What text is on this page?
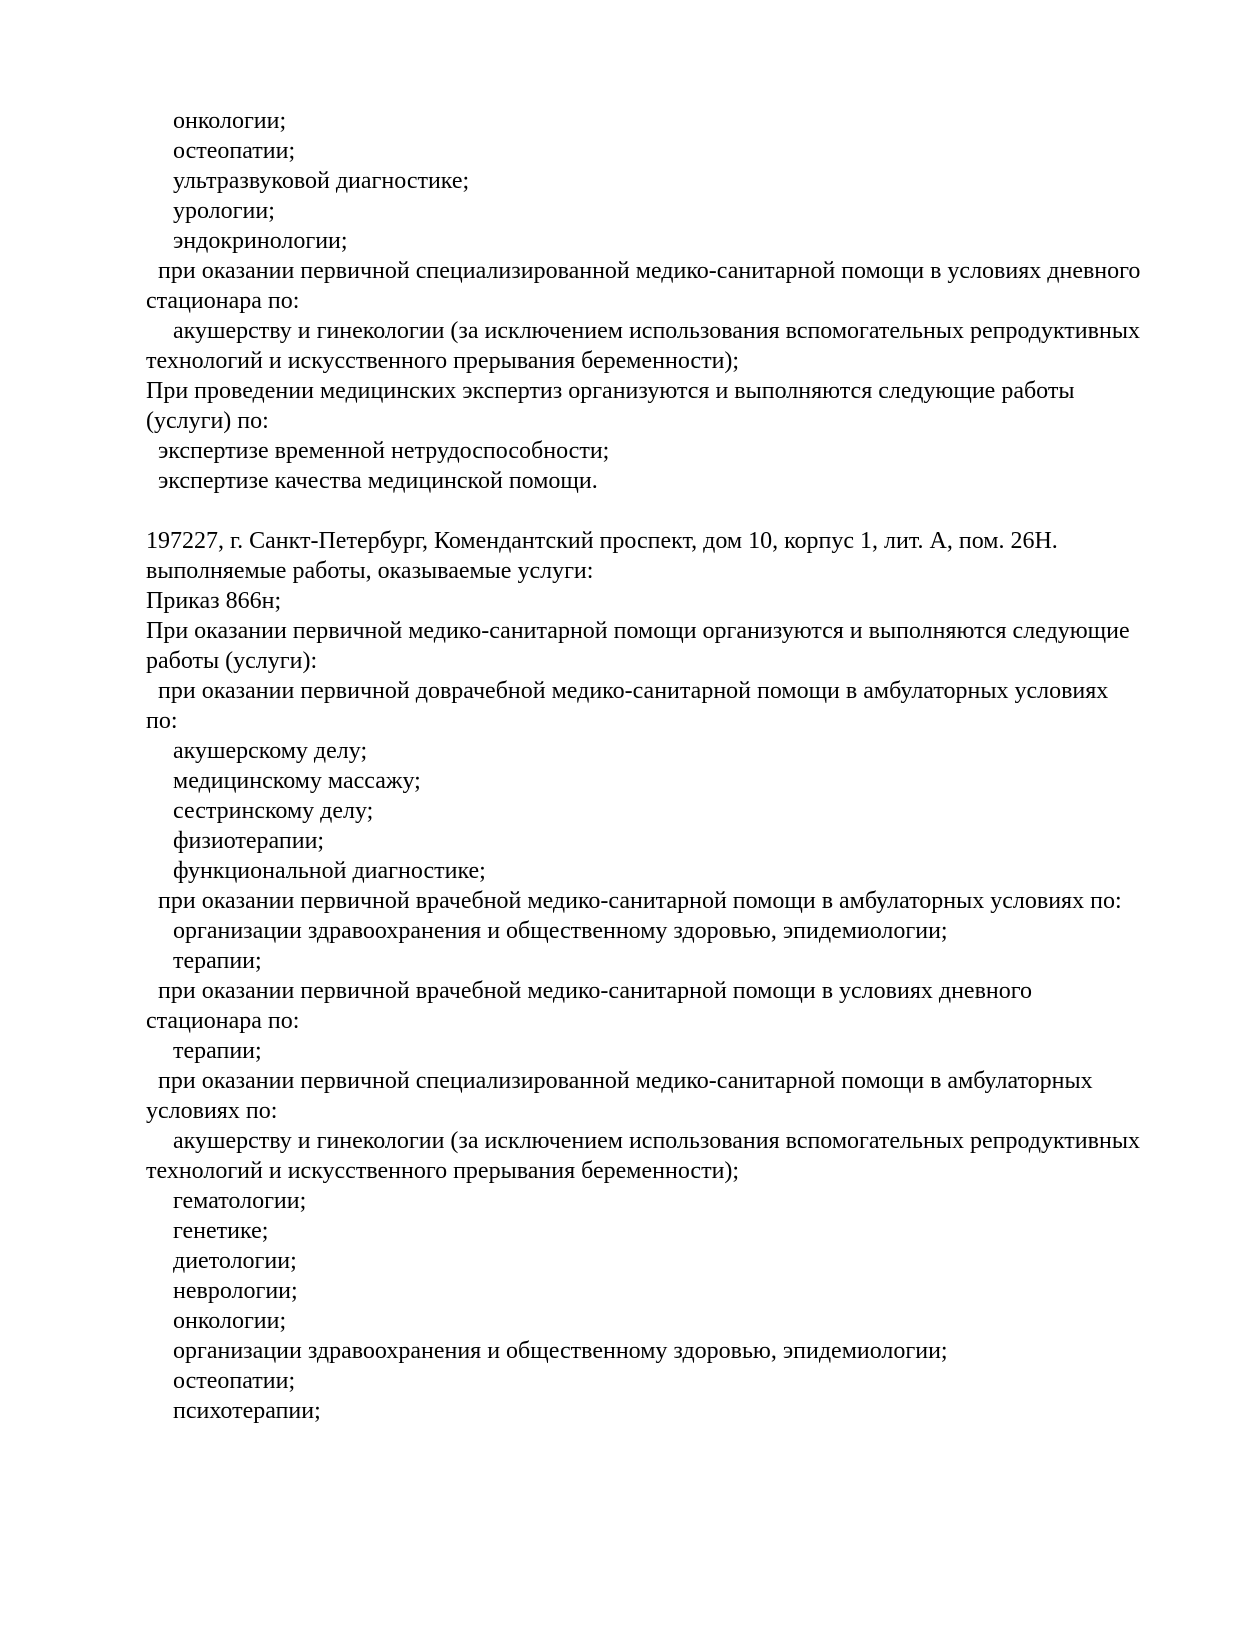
онкологии;
остеопатии;
ультразвуковой диагностике;
урологии;
эндокринологии;
при оказании первичной специализированной медико-санитарной помощи в условиях дневного
стационара по:
акушерству и гинекологии (за исключением использования вспомогательных репродуктивных
технологий и искусственного прерывания беременности);
При проведении медицинских экспертиз организуются и выполняются следующие работы
(услуги) по:
экспертизе временной нетрудоспособности;
экспертизе качества медицинской помощи.

197227, г. Санкт-Петербург, Комендантский проспект, дом 10, корпус 1, лит. А, пом. 26Н.
выполняемые работы, оказываемые услуги:
Приказ 866н;
При оказании первичной медико-санитарной помощи организуются и выполняются следующие
работы (услуги):
при оказании первичной доврачебной медико-санитарной помощи в амбулаторных условиях
по:
акушерскому делу;
медицинскому массажу;
сестринскому делу;
физиотерапии;
функциональной диагностике;
при оказании первичной врачебной медико-санитарной помощи в амбулаторных условиях по:
организации здравоохранения и общественному здоровью, эпидемиологии;
терапии;
при оказании первичной врачебной медико-санитарной помощи в условиях дневного
стационара по:
терапии;
при оказании первичной специализированной медико-санитарной помощи в амбулаторных
условиях по:
акушерству и гинекологии (за исключением использования вспомогательных репродуктивных
технологий и искусственного прерывания беременности);
гематологии;
генетике;
диетологии;
неврологии;
онкологии;
организации здравоохранения и общественному здоровью, эпидемиологии;
остеопатии;
психотерапии;
